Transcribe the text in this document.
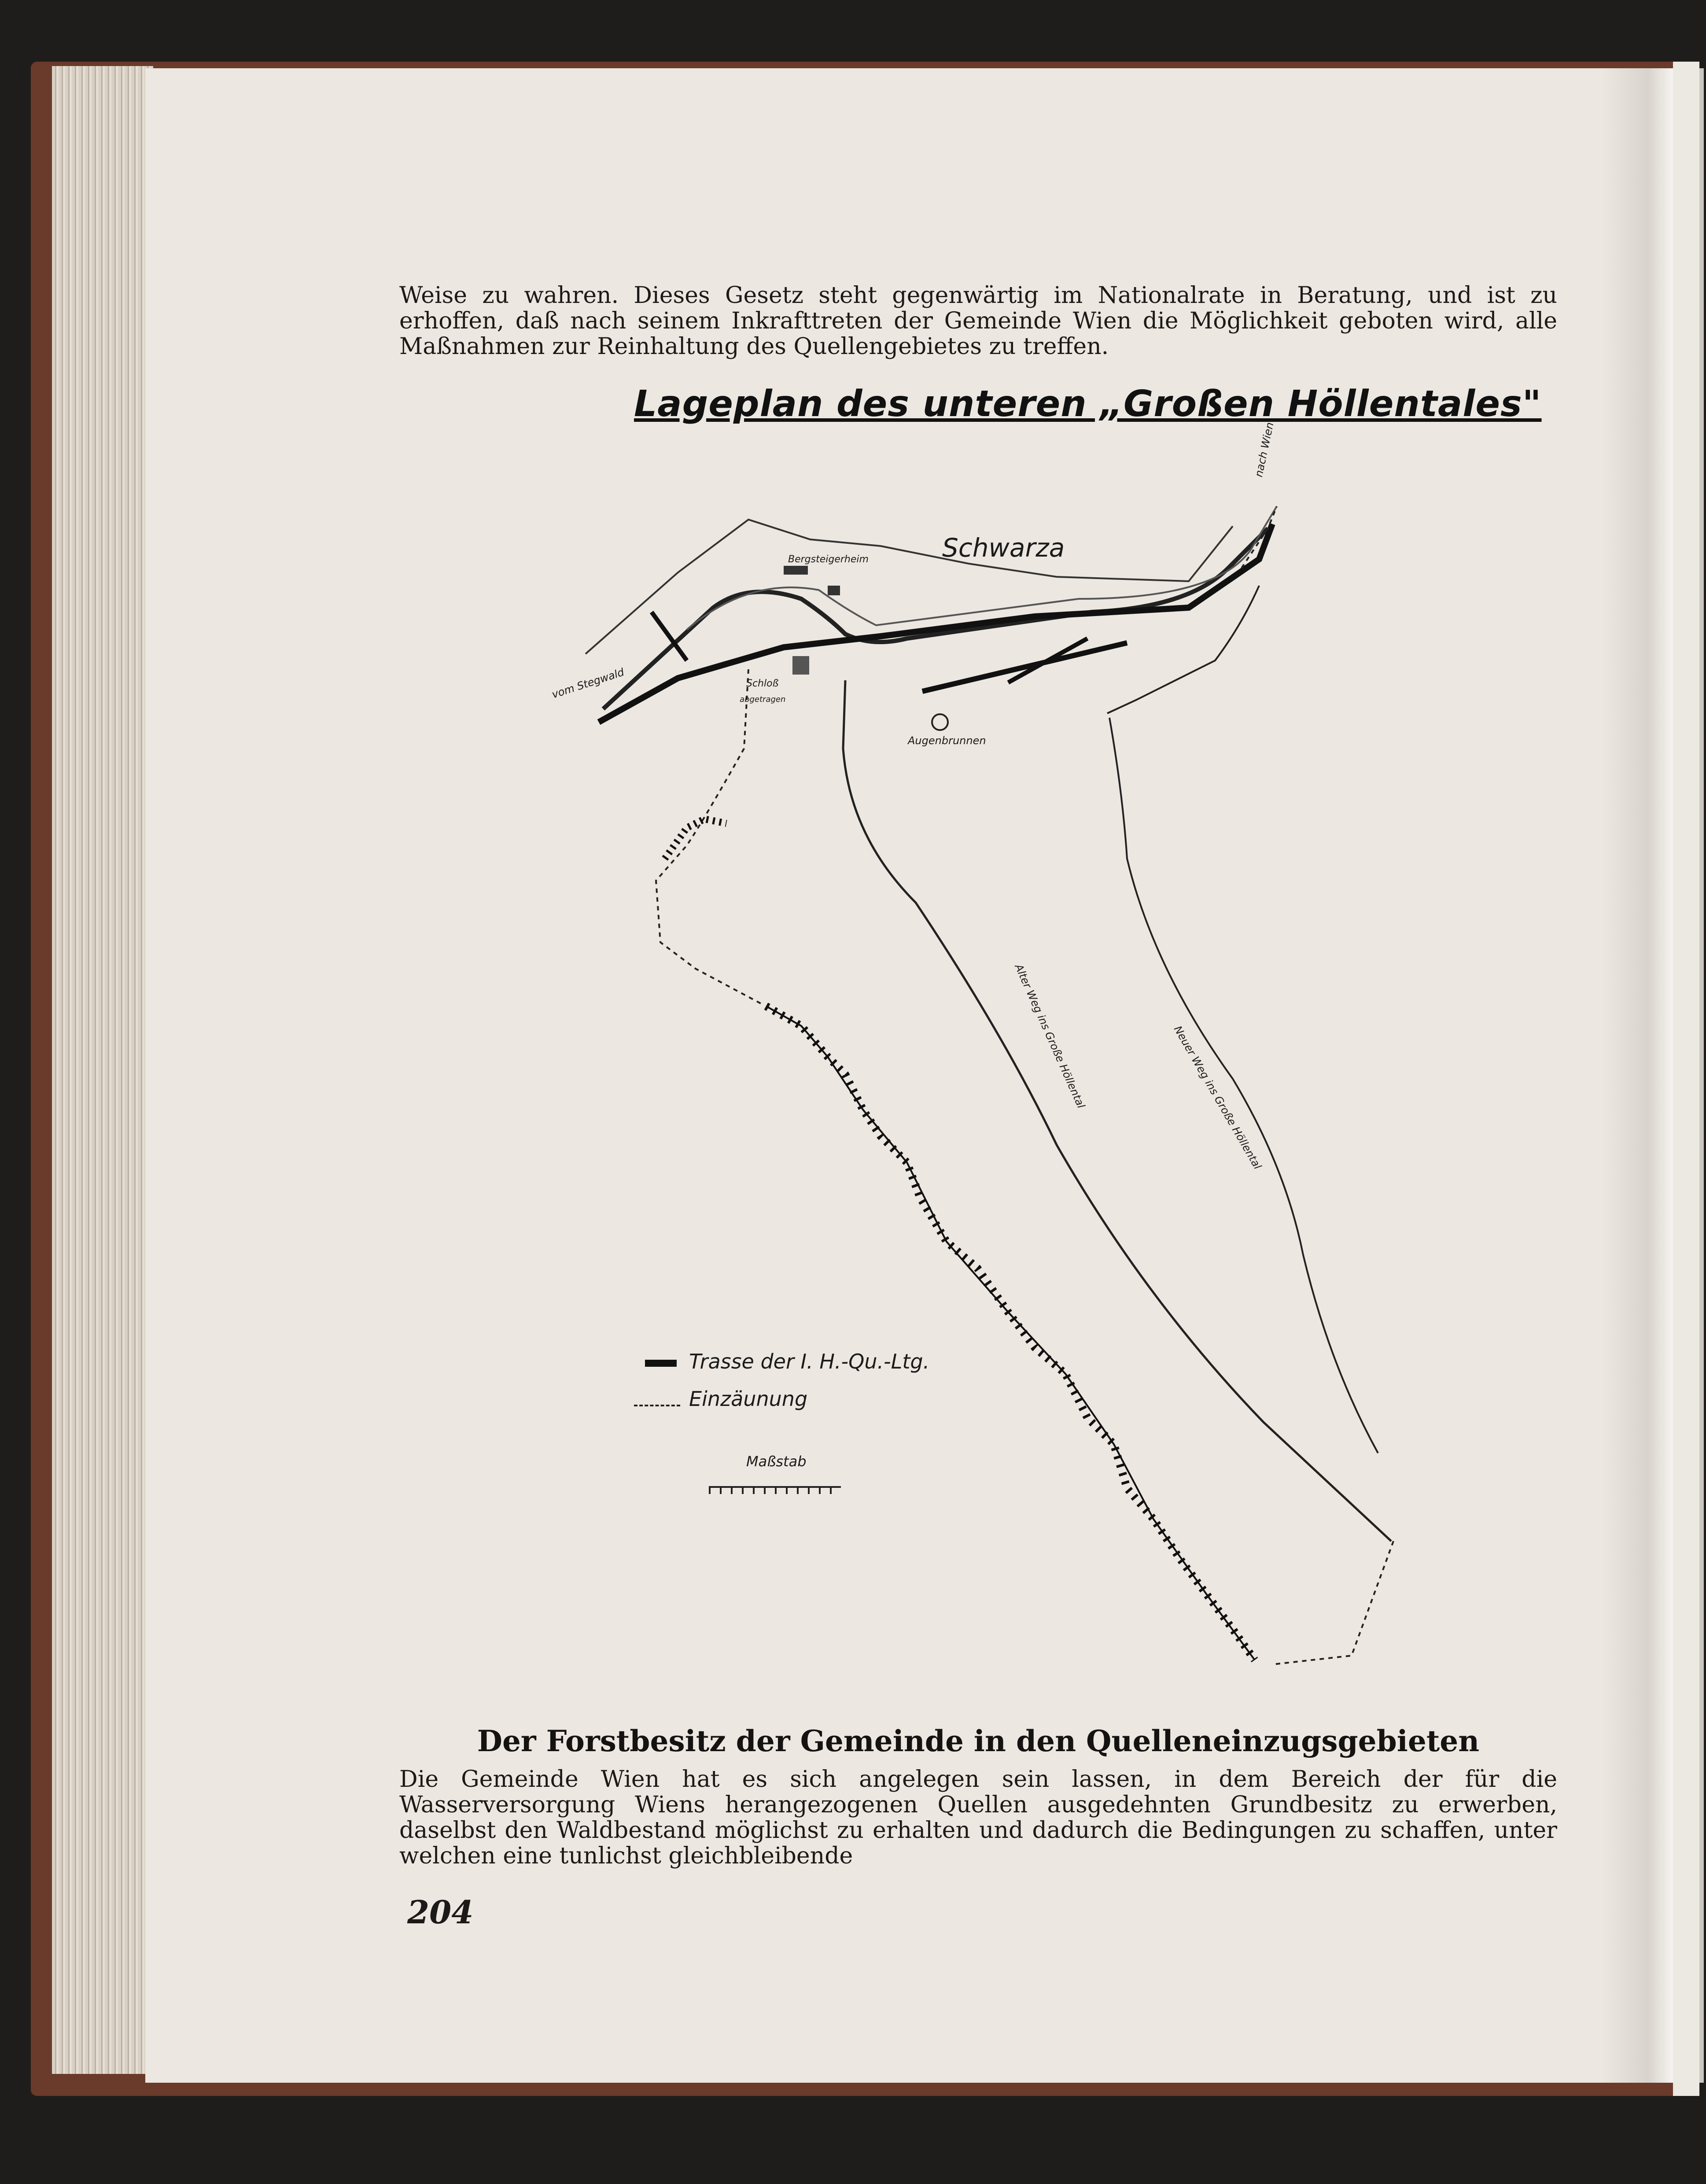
Weise zu wahren. Dieses Gesetz steht gegenwärtig im Nationalrate in Beratung, und ist zu erhoffen, daß nach seinem Inkrafttreten der Gemeinde Wien die Möglichkeit geboten wird, alle Maßnahmen zur Reinhaltung des Quellengebietes zu treffen.

Lageplan des unteren „Großen Höllentales"
Schwarza
Bergsteigerheim
Schloß
abgetragen
Augenbrunnen
vom Stegwald
nach Wien
Alter Weg ins Große Höllental	Neuer Weg ins Große Höllental
Trasse der I. H.-Qu.-Ltg.
Einzäunung
Maßstab
Der Forstbesitz der Gemeinde in den Quelleneinzugsgebieten

Die Gemeinde Wien hat es sich angelegen sein lassen, in dem Bereich der für die Wasserversorgung Wiens herangezogenen Quellen ausgedehnten Grundbesitz zu erwerben, daselbst den Waldbestand möglichst zu erhalten und dadurch die Bedingungen zu schaffen, unter welchen eine tunlichst gleichbleibende

204
